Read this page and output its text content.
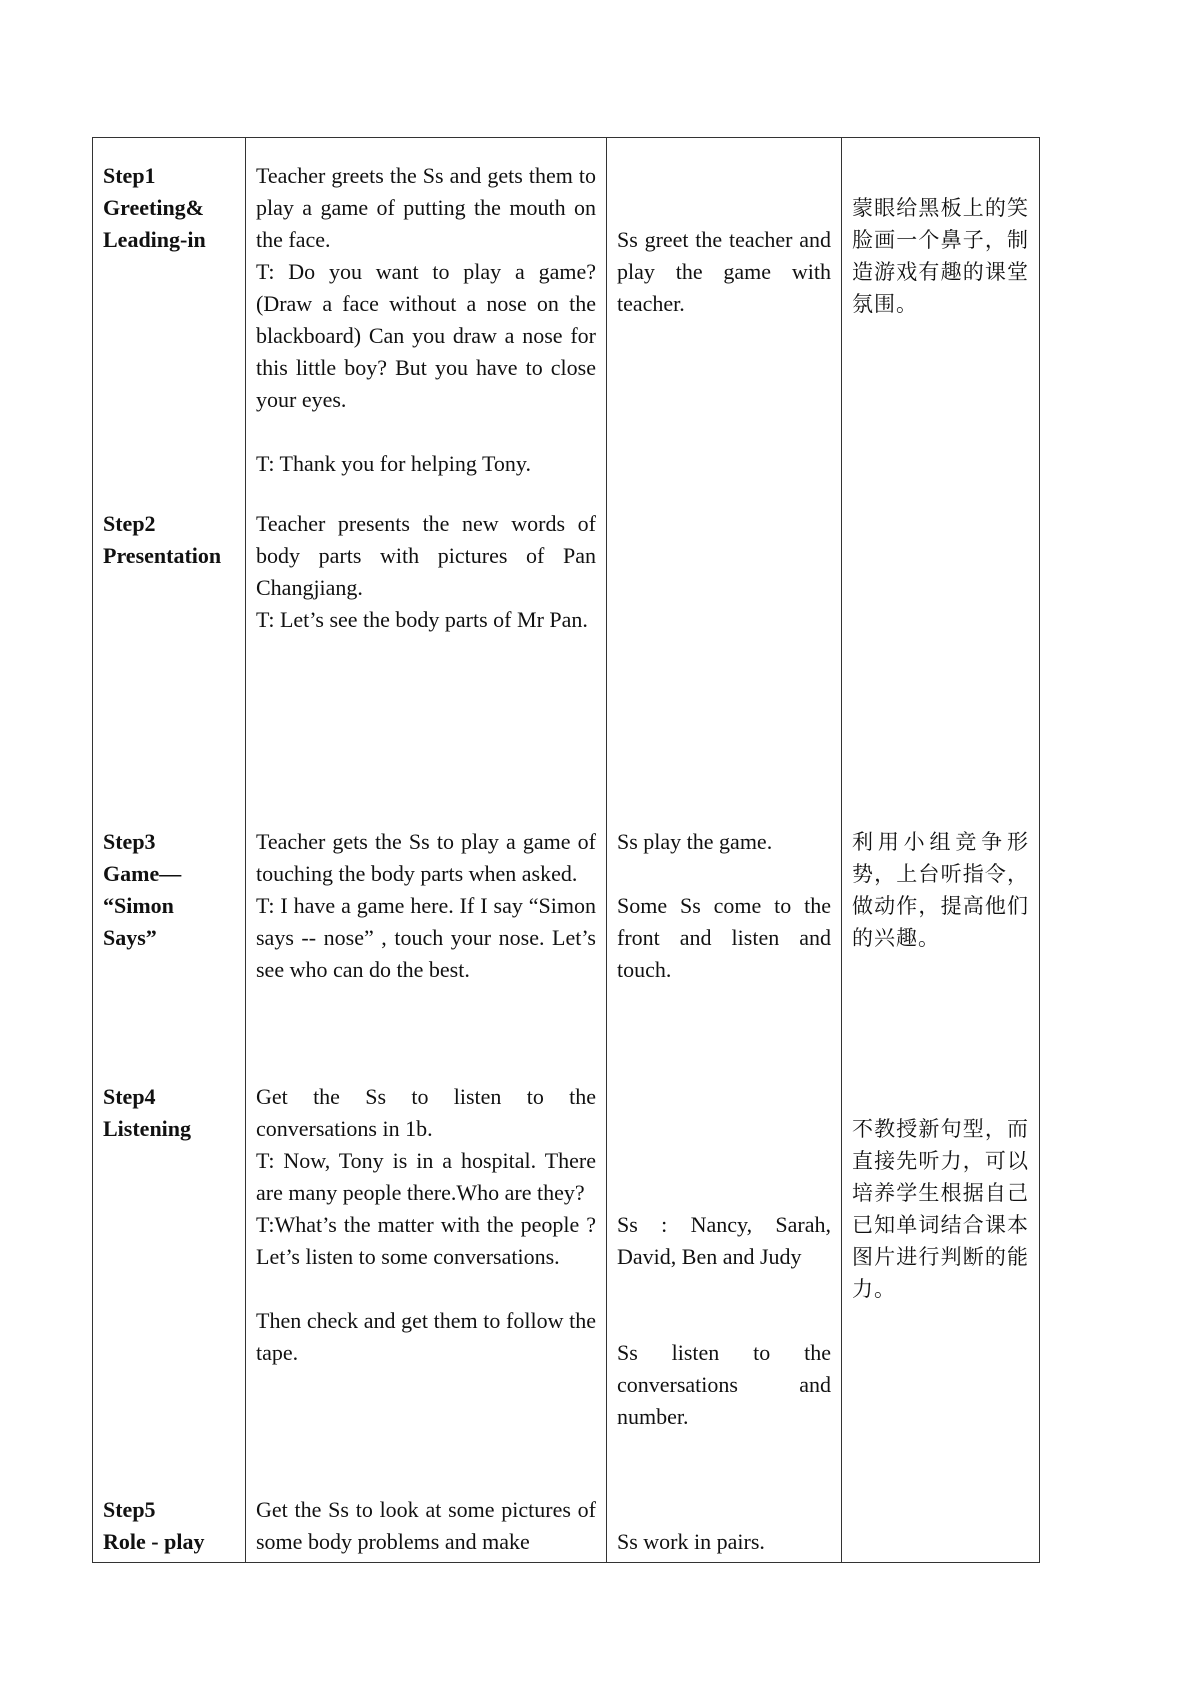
Step1
Greeting&
Leading-in
Step2
Presentation
Step3
Game—
“Simon
Says”
Step4
Listening
Step5
Role - play
Teacher greets the Ss and gets them to play a game of putting the mouth on the face.
T: Do you want to play a game? (Draw a face without a nose on the blackboard) Can you draw a nose for this little boy? But you have to close your eyes.
T: Thank you for helping Tony.
Teacher presents the new words of body parts with pictures of Pan Changjiang.
T: Let’s see the body parts of Mr Pan.
Teacher gets the Ss to play a game of touching the body parts when asked.
T: I have a game here. If I say “Simon says -- nose” , touch your nose. Let’s see who can do the best.
Get the Ss to listen to the conversations in 1b.
T: Now, Tony is in a hospital. There are many people there.Who are they?
T:What’s the matter with the people ? Let’s listen to some conversations.
Then check and get them to follow the tape.
Get the Ss to look at some pictures of some body problems and make
Ss greet the teacher and play the game with teacher.
Ss play the game.
Some Ss come to the front and listen and touch.
Ss : Nancy, Sarah, David, Ben and Judy
Ss listen to the conversations and number.
Ss work in pairs.
蒙眼给黑板上的笑脸画一个鼻子，制造游戏有趣的课堂氛围。
利用小组竞争形势，上台听指令，做动作，提高他们的兴趣。
不教授新句型，而直接先听力，可以培养学生根据自己已知单词结合课本图片进行判断的能力。
